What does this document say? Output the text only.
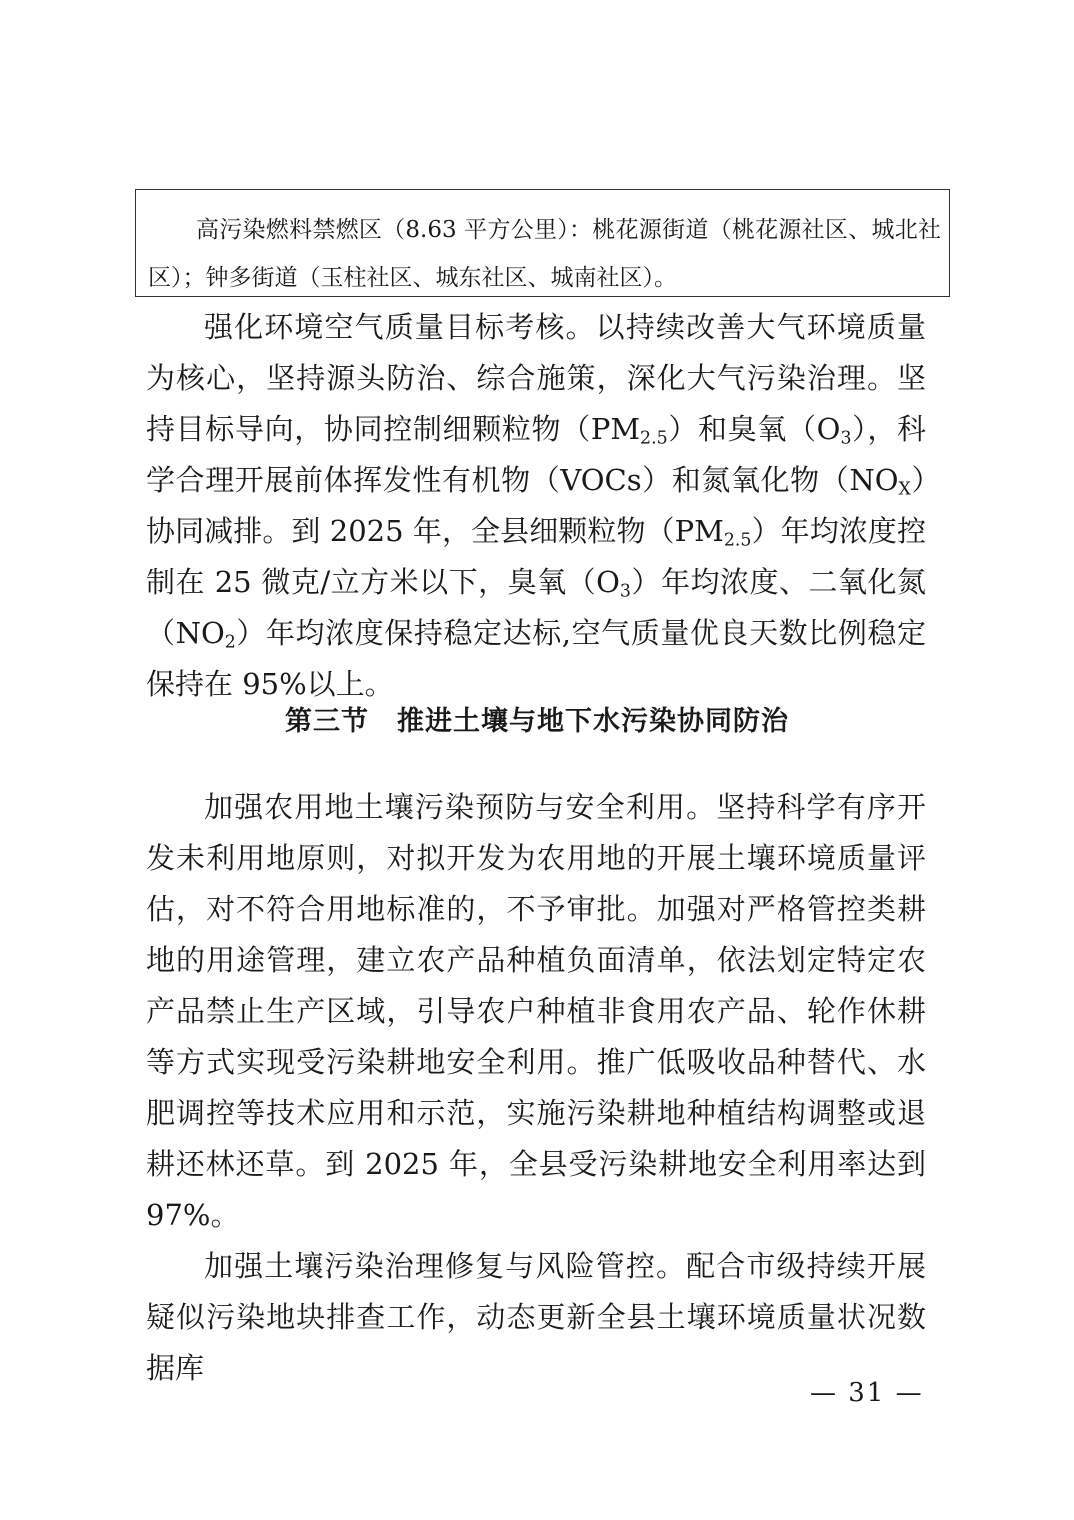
高污染燃料禁燃区（8.63 平方公里）：桃花源街道（桃花源社区、城北社区）；钟多街道（玉柱社区、城东社区、城南社区）。

强化环境空气质量目标考核。以持续改善大气环境质量为核心，坚持源头防治、综合施策，深化大气污染治理。坚持目标导向，协同控制细颗粒物$(PM_{2.5})$和臭氧$(O_3)$，科学合理开展前体挥发性有机物（VOCs）和氮氧化物$(NO_X)$协同减排。到 2025 年，全县细颗粒物$(PM_{2.5})$年均浓度控制在 25 微克/立方米以下，臭氧$(O_3)$年均浓度、二氧化氮$(NO_2)$年均浓度保持稳定达标,空气质量优良天数比例稳定保持在 95%以上。

第三节 推进土壤与地下水污染协同防治

加强农用地土壤污染预防与安全利用。坚持科学有序开发未利用地原则，对拟开发为农用地的开展土壤环境质量评估，对不符合用地标准的，不予审批。加强对严格管控类耕地的用途管理，建立农产品种植负面清单，依法划定特定农产品禁止生产区域，引导农户种植非食用农产品、轮作休耕等方式实现受污染耕地安全利用。推广低吸收品种替代、水肥调控等技术应用和示范，实施污染耕地种植结构调整或退耕还林还草。到 2025 年，全县受污染耕地安全利用率达到 97%。

加强土壤污染治理修复与风险管控。配合市级持续开展疑似污染地块排查工作，动态更新全县土壤环境质量状况数据库

— 31 —
